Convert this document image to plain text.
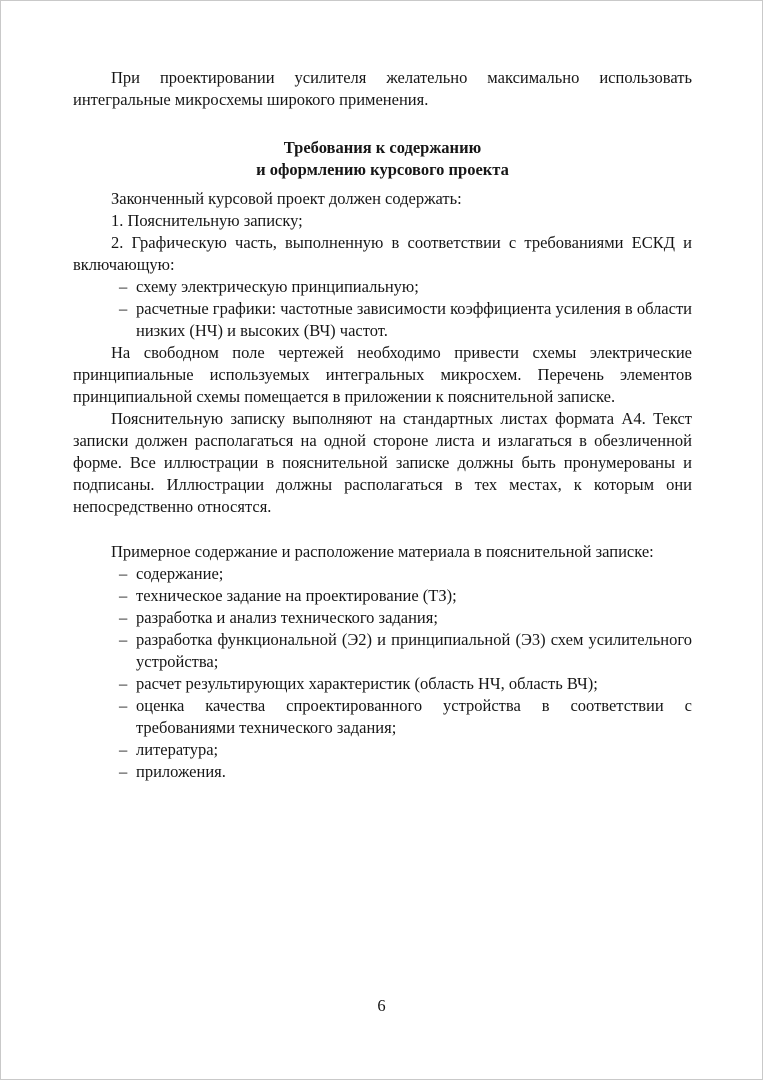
При проектировании усилителя желательно максимально использовать интегральные микросхемы широкого применения.

Требования к содержанию
и оформлению курсового проекта

Законченный курсовой проект должен содержать:

1. Пояснительную записку;

2. Графическую часть, выполненную в соответствии с требованиями ЕСКД и включающую:

– схему электрическую принципиальную;
– расчетные графики: частотные зависимости коэффициента усиления в области низких (НЧ) и высоких (ВЧ) частот.

На свободном поле чертежей необходимо привести схемы электрические принципиальные используемых интегральных микросхем. Перечень элементов принципиальной схемы помещается в приложении к пояснительной записке.

Пояснительную записку выполняют на стандартных листах формата А4. Текст записки должен располагаться на одной стороне листа и излагаться в обезличенной форме. Все иллюстрации в пояснительной записке должны быть пронумерованы и подписаны. Иллюстрации должны располагаться в тех местах, к которым они непосредственно относятся.

Примерное содержание и расположение материала в пояснительной записке:

– содержание;
– техническое задание на проектирование (ТЗ);
– разработка и анализ технического задания;
– разработка функциональной (Э2) и принципиальной (Э3) схем усилительного устройства;
– расчет результирующих характеристик (область НЧ, область ВЧ);
– оценка качества спроектированного устройства в соответствии с требованиями технического задания;
– литература;
– приложения.
6
